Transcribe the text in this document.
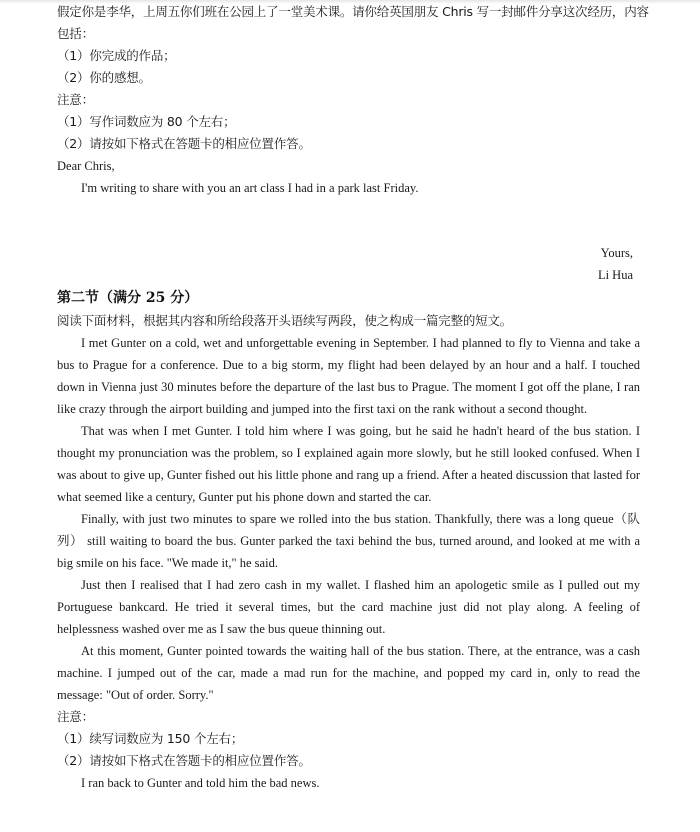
假定你是李华，上周五你们班在公园上了一堂美术课。请你给英国朋友 Chris 写一封邮件分享这次经历，内容
包括：
（1）你完成的作品；
（2）你的感想。
注意：
（1）写作词数应为 80 个左右；
（2）请按如下格式在答题卡的相应位置作答。
Dear Chris,
I'm writing to share with you an art class I had in a park last Friday.
Yours,
Li Hua
第二节（满分 25 分）
阅读下面材料，根据其内容和所给段落开头语续写两段，使之构成一篇完整的短文。

I met Gunter on a cold, wet and unforgettable evening in September. I had planned to fly to Vienna and take a bus to Prague for a conference. Due to a big storm, my flight had been delayed by an hour and a half. I touched down in Vienna just 30 minutes before the departure of the last bus to Prague. The moment I got off the plane, I ran like crazy through the airport building and jumped into the first taxi on the rank without a second thought.

That was when I met Gunter. I told him where I was going, but he said he hadn't heard of the bus station. I thought my pronunciation was the problem, so I explained again more slowly, but he still looked confused. When I was about to give up, Gunter fished out his little phone and rang up a friend. After a heated discussion that lasted for what seemed like a century, Gunter put his phone down and started the car.

Finally, with just two minutes to spare we rolled into the bus station. Thankfully, there was a long queue（队列） still waiting to board the bus. Gunter parked the taxi behind the bus, turned around, and looked at me with a big smile on his face. "We made it," he said.

Just then I realised that I had zero cash in my wallet. I flashed him an apologetic smile as I pulled out my Portuguese bankcard. He tried it several times, but the card machine just did not play along. A feeling of helplessness washed over me as I saw the bus queue thinning out.

At this moment, Gunter pointed towards the waiting hall of the bus station. There, at the entrance, was a cash machine. I jumped out of the car, made a mad run for the machine, and popped my card in, only to read the message: "Out of order. Sorry."

注意：
（1）续写词数应为 150 个左右；
（2）请按如下格式在答题卡的相应位置作答。
I ran back to Gunter and told him the bad news.
